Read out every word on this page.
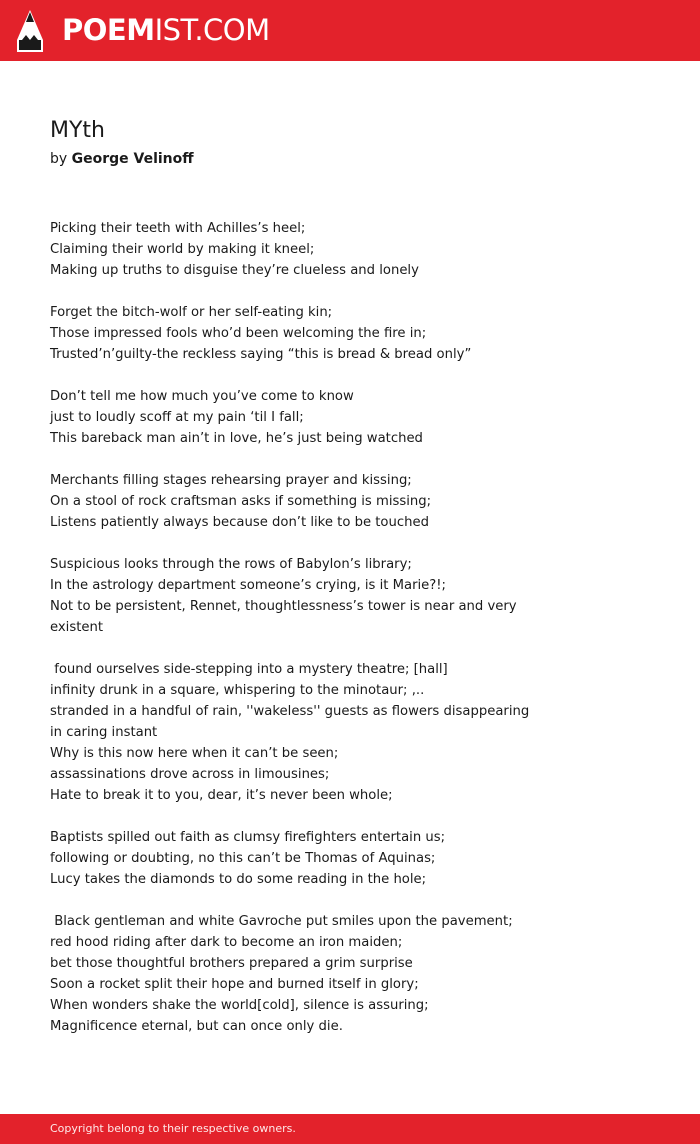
POEMIST.COM
MYth
by George Velinoff
Picking their teeth with Achilles’s heel;
Claiming their world by making it kneel;
Making up truths to disguise they’re clueless and lonely
Forget the bitch-wolf or her self-eating kin;
Those impressed fools who’d been welcoming the fire in;
Trusted’n’guilty-the reckless saying “this is bread & bread only”
Don’t tell me how much you’ve come to know
just to loudly scoff at my pain ‘til I fall;
This bareback man ain’t in love, he’s just being watched
Merchants filling stages rehearsing prayer and kissing;
On a stool of rock craftsman asks if something is missing;
Listens patiently always because don’t like to be touched
Suspicious looks through the rows of Babylon’s library;
In the astrology department someone’s crying, is it Marie?!;
Not to be persistent, Rennet, thoughtlessness’s tower is near and very
existent
found ourselves side-stepping into a mystery theatre; [hall]
infinity drunk in a square, whispering to the minotaur; ,..
stranded in a handful of rain, ''wakeless'' guests as flowers disappearing
in caring instant
Why is this now here when it can’t be seen;
assassinations drove across in limousines;
Hate to break it to you, dear, it’s never been whole;
Baptists spilled out faith as clumsy firefighters entertain us;
following or doubting, no this can’t be Thomas of Aquinas;
Lucy takes the diamonds to do some reading in the hole;
Black gentleman and white Gavroche put smiles upon the pavement;
red hood riding after dark to become an iron maiden;
bet those thoughtful brothers prepared a grim surprise
Soon a rocket split their hope and burned itself in glory;
When wonders shake the world[cold], silence is assuring;
Magnificence eternal, but can once only die.
Copyright belong to their respective owners.
